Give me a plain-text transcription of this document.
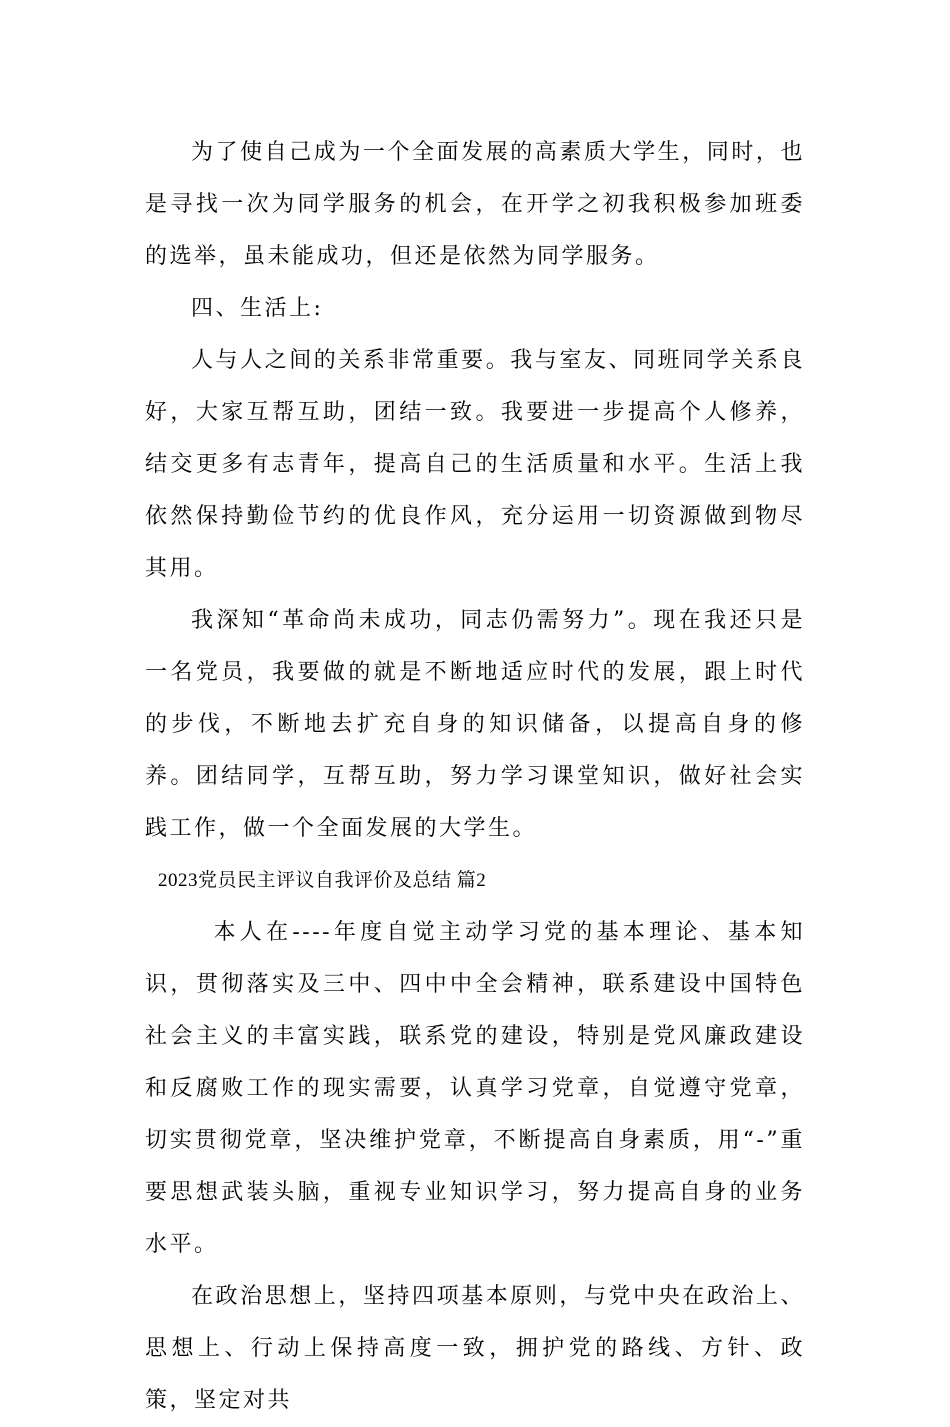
为了使自己成为一个全面发展的高素质大学生，同时，也是寻找一次为同学服务的机会，在开学之初我积极参加班委的选举，虽未能成功，但还是依然为同学服务。

四、生活上:

人与人之间的关系非常重要。我与室友、同班同学关系良好，大家互帮互助，团结一致。我要进一步提高个人修养，结交更多有志青年，提高自己的生活质量和水平。生活上我依然保持勤俭节约的优良作风，充分运用一切资源做到物尽其用。

我深知“革命尚未成功，同志仍需努力”。现在我还只是一名党员，我要做的就是不断地适应时代的发展，跟上时代的步伐，不断地去扩充自身的知识储备，以提高自身的修养。团结同学，互帮互助，努力学习课堂知识，做好社会实践工作，做一个全面发展的大学生。

2023党员民主评议自我评价及总结 篇2

本人在----年度自觉主动学习党的基本理论、基本知识，贯彻落实及三中、四中中全会精神，联系建设中国特色社会主义的丰富实践，联系党的建设，特别是党风廉政建设和反腐败工作的现实需要，认真学习党章，自觉遵守党章，切实贯彻党章，坚决维护党章，不断提高自身素质，用“-”重要思想武装头脑，重视专业知识学习，努力提高自身的业务水平。

在政治思想上，坚持四项基本原则，与党中央在政治上、思想上、行动上保持高度一致，拥护党的路线、方针、政策，坚定对共
